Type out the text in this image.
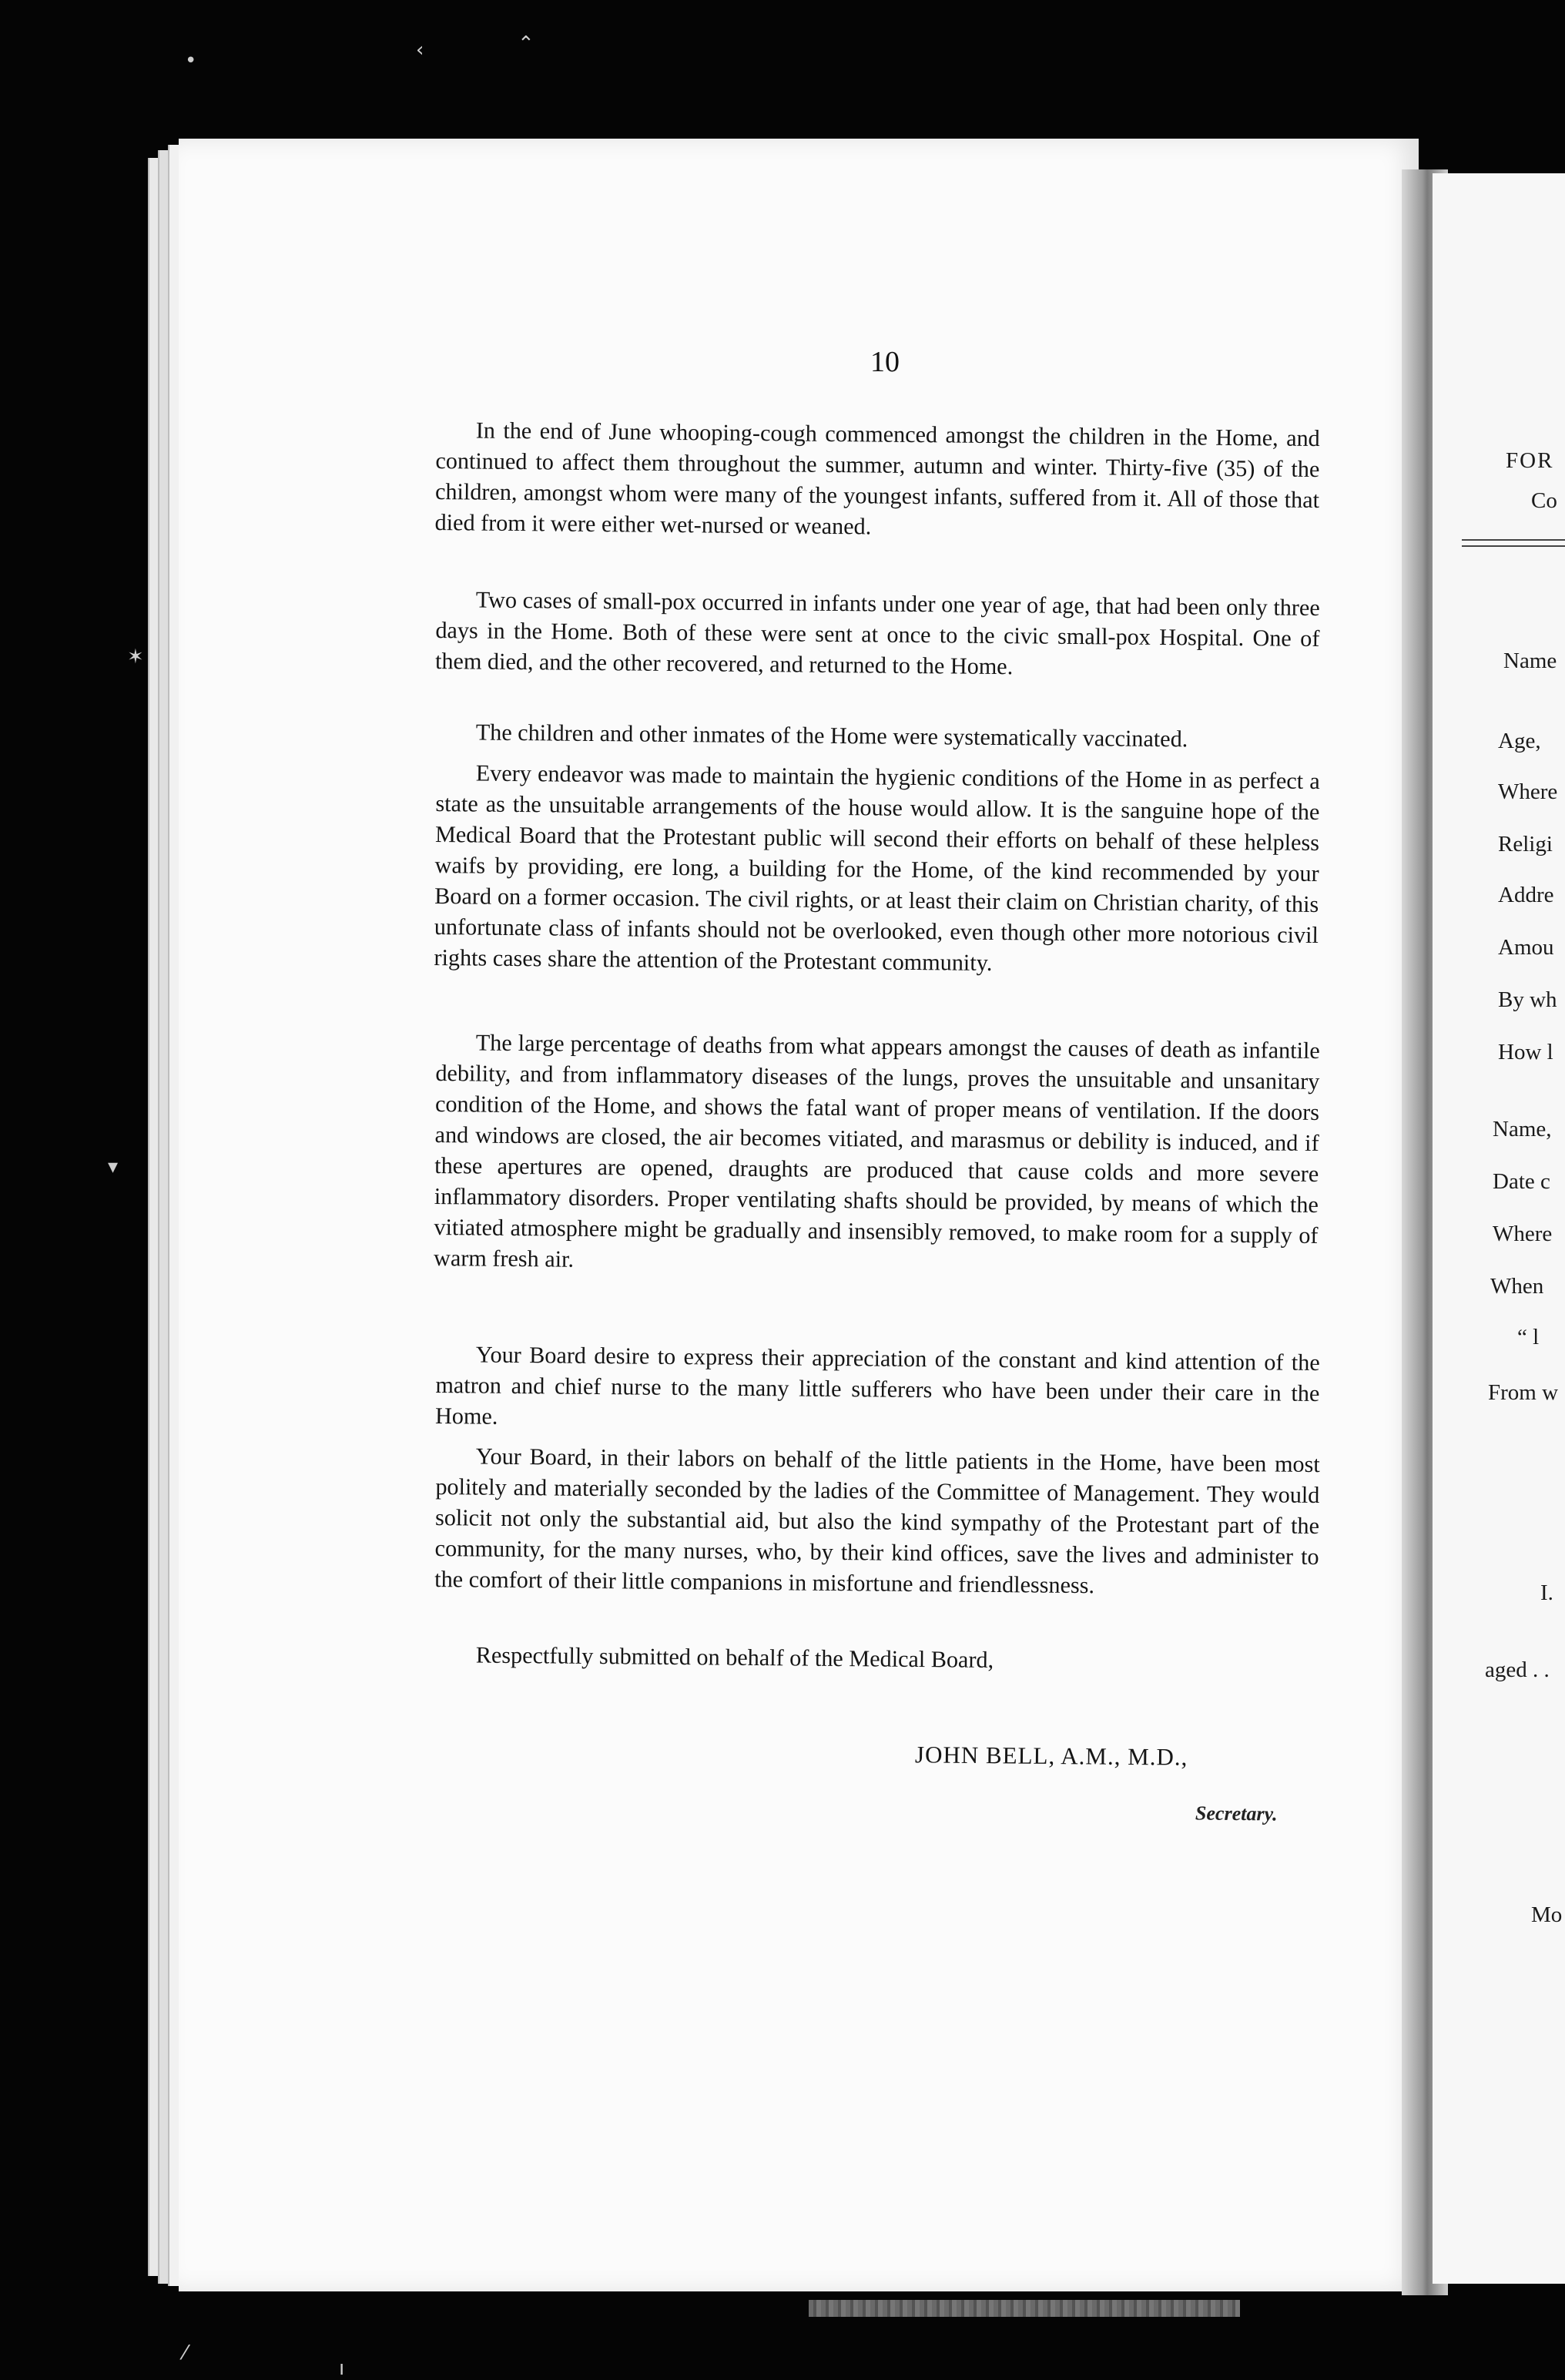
•	‹	⌃
✶
▾
⁄
ı
10

In the end of June whooping-cough commenced amongst the children in the Home, and continued to affect them throughout the summer, autumn and winter. Thirty-five (35) of the children, amongst whom were many of the youngest infants, suffered from it. All of those that died from it were either wet-nursed or weaned.

Two cases of small-pox occurred in infants under one year of age, that had been only three days in the Home. Both of these were sent at once to the civic small-pox Hospital. One of them died, and the other recovered, and returned to the Home.

The children and other inmates of the Home were systematically vaccinated.

Every endeavor was made to maintain the hygienic conditions of the Home in as perfect a state as the unsuitable arrangements of the house would allow. It is the sanguine hope of the Medical Board that the Protestant public will second their efforts on behalf of these helpless waifs by providing, ere long, a building for the Home, of the kind recommended by your Board on a former occasion. The civil rights, or at least their claim on Christian charity, of this unfortunate class of infants should not be overlooked, even though other more notorious civil rights cases share the attention of the Protestant community.

The large percentage of deaths from what appears amongst the causes of death as infantile debility, and from inflammatory diseases of the lungs, proves the unsuitable and unsanitary condition of the Home, and shows the fatal want of proper means of ventilation. If the doors and windows are closed, the air becomes vitiated, and marasmus or debility is induced, and if these apertures are opened, draughts are produced that cause colds and more severe inflammatory disorders. Proper ventilating shafts should be provided, by means of which the vitiated atmosphere might be gradually and insensibly removed, to make room for a supply of warm fresh air.

Your Board desire to express their appreciation of the constant and kind attention of the matron and chief nurse to the many little sufferers who have been under their care in the Home.

Your Board, in their labors on behalf of the little patients in the Home, have been most politely and materially seconded by the ladies of the Committee of Management. They would solicit not only the substantial aid, but also the kind sympathy of the Protestant part of the community, for the many nurses, who, by their kind offices, save the lives and administer to the comfort of their little companions in misfortune and friendlessness.

Respectfully submitted on behalf of the Medical Board,

JOHN BELL, A.M., M.D.,
Secretary.
FOR
Co
Name
Age,
Where
Religi
Addre
Amou
By wh
How l
Name,
Date c
Where
When
“ l
From w
I.
aged . .
Mo
